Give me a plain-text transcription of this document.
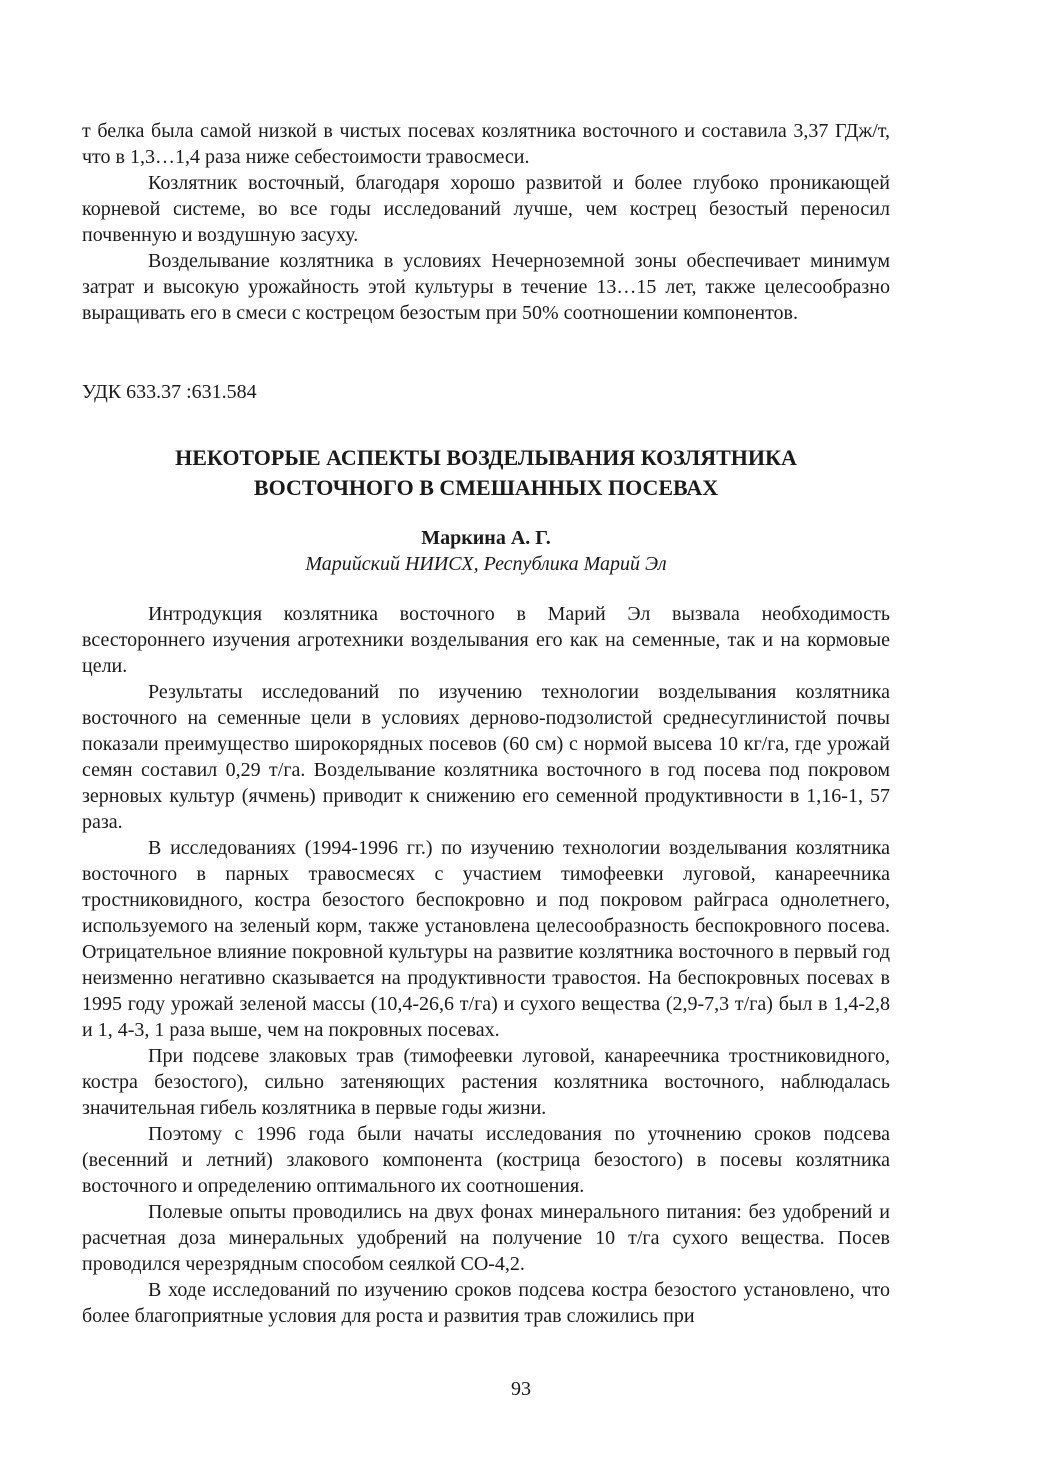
т белка была самой низкой в чистых посевах козлятника восточного и составила 3,37 ГДж/т, что в 1,3…1,4 раза ниже себестоимости травосмеси.

Козлятник восточный, благодаря хорошо развитой и более глубоко проникающей корневой системе, во все годы исследований лучше, чем кострец безостый переносил почвенную и воздушную засуху.

Возделывание козлятника в условиях Нечерноземной зоны обеспечивает минимум затрат и высокую урожайность этой культуры в течение 13…15 лет, также целесообразно выращивать его в смеси с кострецом безостым при 50% соотношении компонентов.

УДК 633.37 :631.584
НЕКОТОРЫЕ АСПЕКТЫ ВОЗДЕЛЫВАНИЯ КОЗЛЯТНИКА
ВОСТОЧНОГО В СМЕШАННЫХ ПОСЕВАХ
Маркина А. Г.
Марийский НИИСХ, Республика Марий Эл

Интродукция козлятника восточного в Марий Эл вызвала необходимость всестороннего изучения агротехники возделывания его как на семенные, так и на кормовые цели.

Результаты исследований по изучению технологии возделывания козлятника восточного на семенные цели в условиях дерново-подзолистой среднесуглинистой почвы показали преимущество широкорядных посевов (60 см) с нормой высева 10 кг/га, где урожай семян составил 0,29 т/га. Возделывание козлятника восточного в год посева под покровом зерновых культур (ячмень) приводит к снижению его семенной продуктивности в 1,16-1, 57 раза.

В исследованиях (1994-1996 гг.) по изучению технологии возделывания козлятника восточного в парных травосмесях с участием тимофеевки луговой, канареечника тростниковидного, костра безостого беспокровно и под покровом райграса однолетнего, используемого на зеленый корм, также установлена целесообразность беспокровного посева. Отрицательное влияние покровной культуры на развитие козлятника восточного в первый год неизменно негативно сказывается на продуктивности травостоя. На беспокровных посевах в 1995 году урожай зеленой массы (10,4-26,6 т/га) и сухого вещества (2,9-7,3 т/га) был в 1,4-2,8 и 1, 4-3, 1 раза выше, чем на покровных посевах.

При подсеве злаковых трав (тимофеевки луговой, канареечника тростниковидного, костра безостого), сильно затеняющих растения козлятника восточного, наблюдалась значительная гибель козлятника в первые годы жизни.

Поэтому с 1996 года были начаты исследования по уточнению сроков подсева (весенний и летний) злакового компонента (кострица безостого) в посевы козлятника восточного и определению оптимального их соотношения.

Полевые опыты проводились на двух фонах минерального питания: без удобрений и расчетная доза минеральных удобрений на получение 10 т/га сухого вещества. Посев проводился черезрядным способом сеялкой СО-4,2.

В ходе исследований по изучению сроков подсева костра безостого установлено, что более благоприятные условия для роста и развития трав сложились при

93
